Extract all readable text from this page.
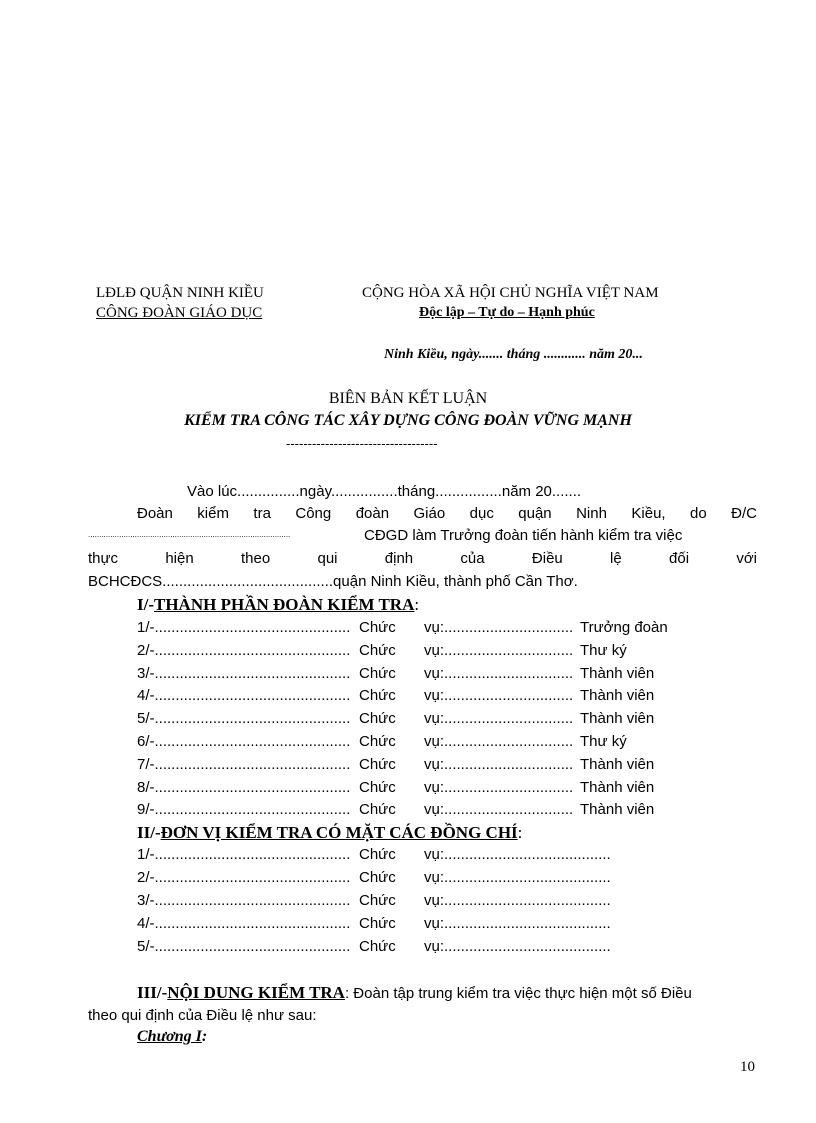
LĐLĐ QUẬN NINH KIỀU
CÔNG ĐOÀN GIÁO DỤC
CỘNG HÒA XÃ HỘI CHỦ NGHĨA VIỆT NAM
Độc lập – Tự do – Hạnh phúc
Ninh Kiều, ngày....... tháng ............ năm 20...
BIÊN BẢN KẾT LUẬN
KIỂM TRA CÔNG TÁC XÂY DỰNG CÔNG ĐOÀN VỮNG MẠNH
-----------------------------------
Vào lúc...............ngày................tháng................năm 20.......
Đoàn kiểm tra Công đoàn Giáo dục quận Ninh Kiều, do Đ/C
...........................................................................................	CĐGD làm Trưởng đoàn tiến hành kiểm tra việc
thực hiện theo qui định của Điều lệ đối với
BCHCĐCS.........................................quận Ninh Kiều, thành phố Cần Thơ.
I/-THÀNH PHẦN ĐOÀN KIỂM TRA:
1/-............................................... Chức vụ:............................... Trưởng đoàn
2/-............................................... Chức vụ:............................... Thư ký
3/-............................................... Chức vụ:............................... Thành viên
4/-............................................... Chức vụ:............................... Thành viên
5/-............................................... Chức vụ:............................... Thành viên
6/-............................................... Chức vụ:............................... Thư ký
7/-............................................... Chức vụ:............................... Thành viên
8/-............................................... Chức vụ:............................... Thành viên
9/-............................................... Chức vụ:............................... Thành viên
II/-ĐƠN VỊ KIỂM TRA CÓ MẶT CÁC ĐỒNG CHÍ:
1/-............................................... Chức vụ:........................................
2/-............................................... Chức vụ:........................................
3/-............................................... Chức vụ:........................................
4/-............................................... Chức vụ:........................................
5/-............................................... Chức vụ:........................................
III/-NỘI DUNG KIỂM TRA: Đoàn tập trung kiểm tra việc thực hiện một số Điều
theo qui định của Điều lệ như sau:
Chương I:
10
